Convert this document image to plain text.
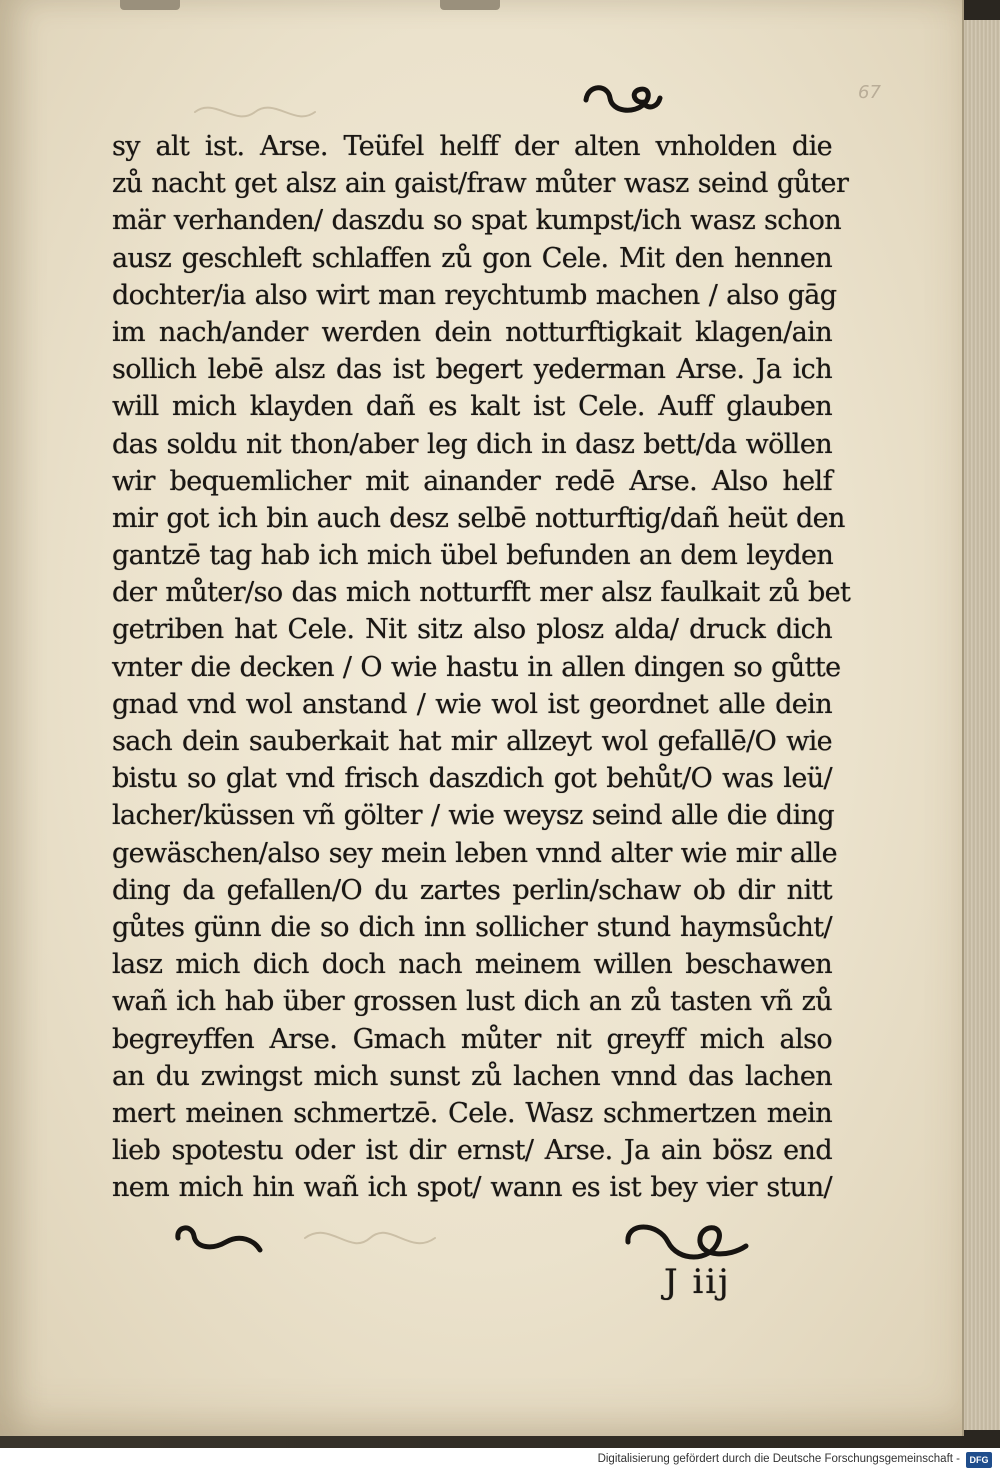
67
sy alt ist. Arse. Teüfel helff der alten vnholden die
zů nacht get alsz ain gaist/fraw můter wasz seind gůter
mär verhanden/ daszdu so spat kumpst/ich wasz schon
ausz geschleft schlaffen zů gon Cele. Mit den hennen
dochter/ia also wirt man reychtumb machen / also gāg
im nach/ander werden dein notturftigkait klagen/ain
sollich lebē alsz das ist begert yederman Arse. Ja ich
will mich klayden dañ es kalt ist Cele. Auff glauben
das soldu nit thon/aber leg dich in dasz bett/da wöllen
wir bequemlicher mit ainander redē Arse. Also helf
mir got ich bin auch desz selbē notturftig/dañ heüt den
gantzē tag hab ich mich übel befunden an dem leyden
der můter/so das mich notturfft mer alsz faulkait zů bet
getriben hat Cele. Nit sitz also plosz alda/ druck dich
vnter die decken / O wie hastu in allen dingen so gůtte
gnad vnd wol anstand / wie wol ist geordnet alle dein
sach dein sauberkait hat mir allzeyt wol gefallē/O wie
bistu so glat vnd frisch daszdich got behůt/O was leü/
lacher/küssen vñ gölter / wie weysz seind alle die ding
gewäschen/also sey mein leben vnnd alter wie mir alle
ding da gefallen/O du zartes perlin/schaw ob dir nitt
gůtes günn die so dich inn sollicher stund haymsůcht/
lasz mich dich doch nach meinem willen beschawen
wañ ich hab über grossen lust dich an zů tasten vñ zů
begreyffen Arse. Gmach můter nit greyff mich also
an du zwingst mich sunst zů lachen vnnd das lachen
mert meinen schmertzē. Cele. Wasz schmertzen mein
lieb spotestu oder ist dir ernst/ Arse. Ja ain bösz end
nem mich hin wañ ich spot/ wann es ist bey vier stun/
J iij
Digitalisierung gefördert durch die Deutsche Forschungsgemeinschaft -	DFG
